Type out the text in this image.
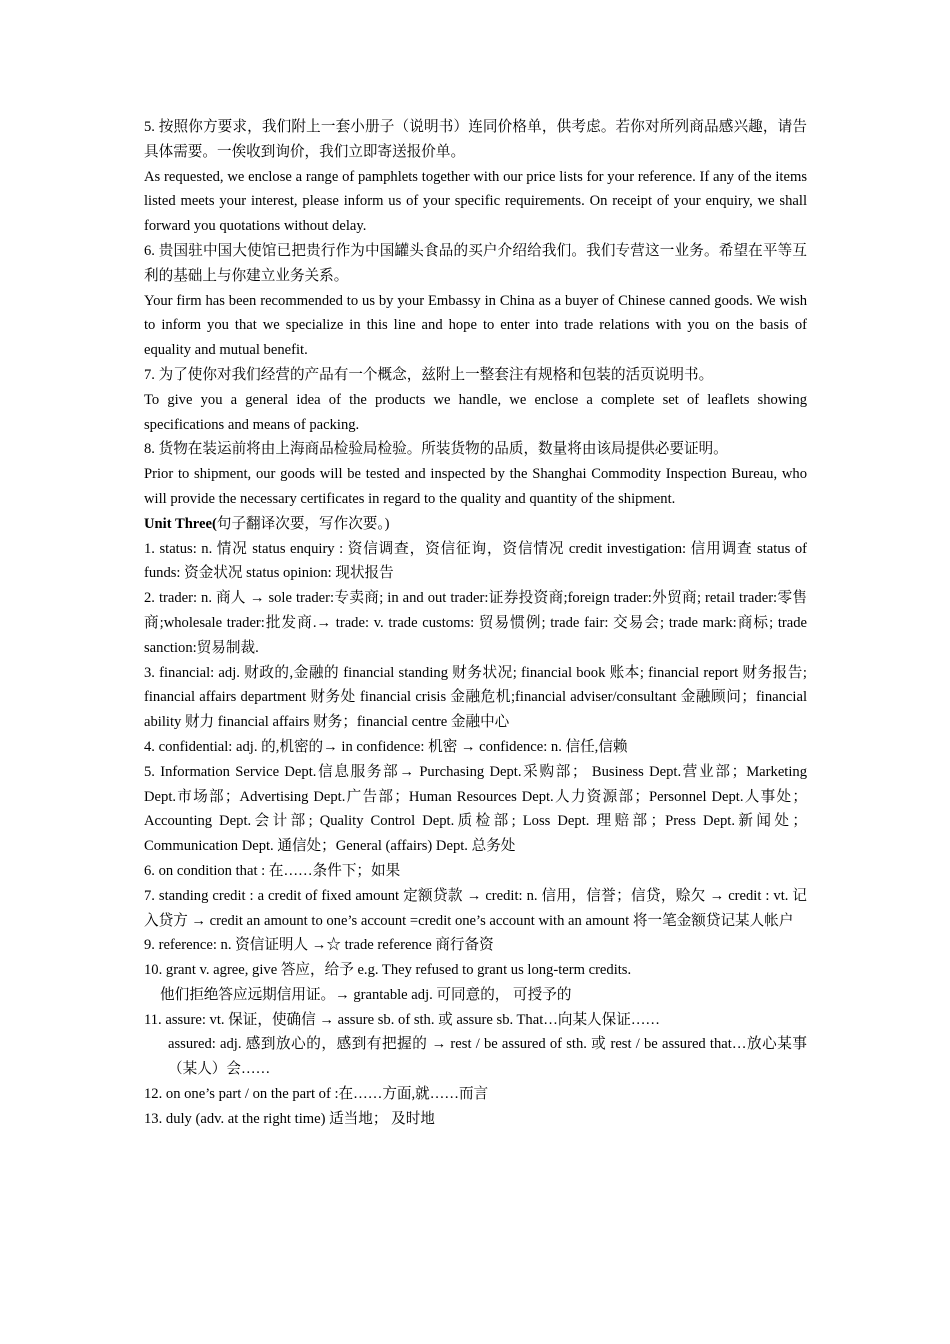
5. 按照你方要求，我们附上一套小册子（说明书）连同价格单，供考虑。若你对所列商品感兴趣，请告具体需要。一俟收到询价，我们立即寄送报价单。

As requested, we enclose a range of pamphlets together with our price lists for your reference. If any of the items listed meets your interest, please inform us of your specific requirements. On receipt of your enquiry, we shall forward you quotations without delay.

6. 贵国驻中国大使馆已把贵行作为中国罐头食品的买户介绍给我们。我们专营这一业务。希望在平等互利的基础上与你建立业务关系。

Your firm has been recommended to us by your Embassy in China as a buyer of Chinese canned goods. We wish to inform you that we specialize in this line and hope to enter into trade relations with you on the basis of equality and mutual benefit.

7. 为了使你对我们经营的产品有一个概念，兹附上一整套注有规格和包装的活页说明书。

To give you a general idea of the products we handle, we enclose a complete set of leaflets showing specifications and means of packing.

8. 货物在装运前将由上海商品检验局检验。所装货物的品质，数量将由该局提供必要证明。

Prior to shipment, our goods will be tested and inspected by the Shanghai Commodity Inspection Bureau, who will provide the necessary certificates in regard to the quality and quantity of the shipment.

Unit Three(句子翻译次要，写作次要。)

1. status: n. 情况 status enquiry : 资信调查，资信征询，资信情况 credit investigation: 信用调查 status of funds: 资金状况 status opinion: 现状报告

2. trader: n. 商人 → sole trader:专卖商; in and out trader:证券投资商;foreign trader:外贸商; retail trader:零售商;wholesale trader:批发商.→ trade: v. trade customs: 贸易惯例; trade fair: 交易会; trade mark:商标; trade sanction:贸易制裁.

3. financial: adj. 财政的,金融的 financial standing 财务状况; financial book 账本; financial report 财务报告; financial affairs department 财务处 financial crisis 金融危机;financial adviser/consultant 金融顾问；financial ability 财力 financial affairs 财务；financial centre 金融中心

4. confidential: adj. 的,机密的→ in confidence: 机密 → confidence: n. 信任,信赖

5. Information Service Dept.信息服务部→ Purchasing Dept.采购部； Business Dept.营业部；Marketing Dept.市场部；Advertising Dept.广告部；Human Resources Dept.人力资源部；Personnel Dept.人事处；Accounting Dept.会计部; Quality Control Dept.质检部; Loss Dept. 理赔部；Press Dept.新闻处；Communication Dept. 通信处；General (affairs) Dept. 总务处

6. on condition that : 在……条件下；如果

7. standing credit : a credit of fixed amount 定额贷款 → credit: n. 信用，信誉；信贷，赊欠 → credit : vt. 记入贷方 → credit an amount to one’s account =credit one’s account with an amount 将一笔金额贷记某人帐户

9. reference: n. 资信证明人 →☆ trade reference 商行备资

10. grant v. agree, give 答应，给予 e.g. They refused to grant us long-term credits.

他们拒绝答应远期信用证。→ grantable adj. 可同意的， 可授予的

11. assure: vt. 保证，使确信 → assure sb. of sth. 或 assure sb. That…向某人保证……

assured: adj. 感到放心的，感到有把握的 → rest / be assured of sth. 或 rest / be assured that…放心某事（某人）会……

12. on one’s part / on the part of :在……方面,就……而言

13. duly (adv. at the right time) 适当地； 及时地
